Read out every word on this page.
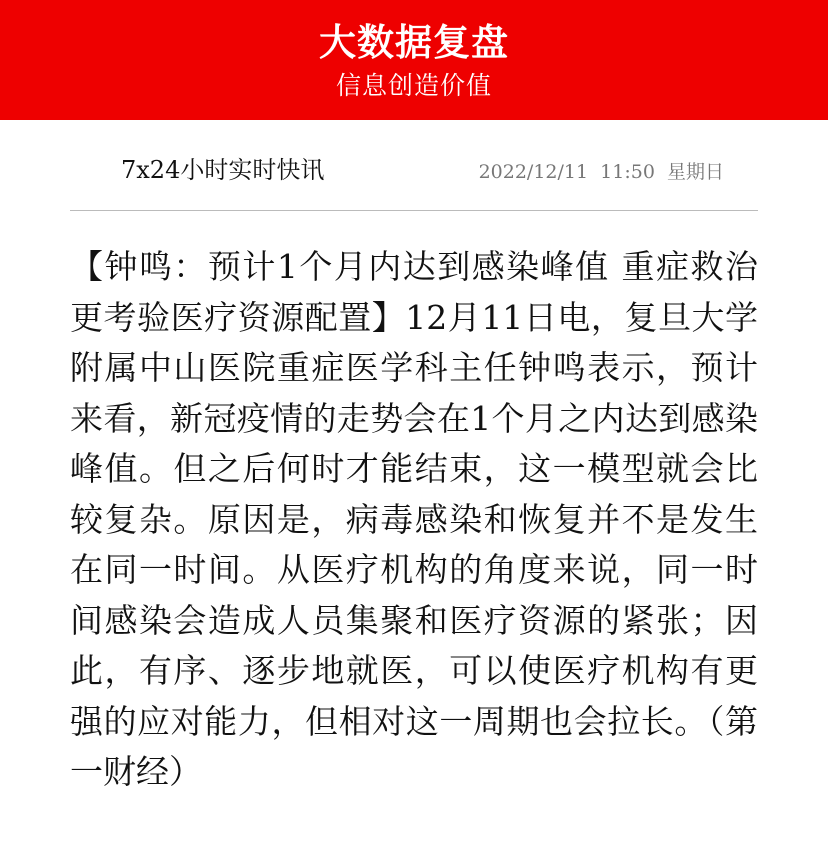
大数据复盘
信息创造价值
7x24小时实时快讯	2022/12/11  11:50  星期日

【钟鸣：预计1个月内达到感染峰值 重症救治更考验医疗资源配置】12月11日电，复旦大学附属中山医院重症医学科主任钟鸣表示，预计来看，新冠疫情的走势会在1个月之内达到感染峰值。但之后何时才能结束，这一模型就会比较复杂。原因是，病毒感染和恢复并不是发生在同一时间。从医疗机构的角度来说，同一时间感染会造成人员集聚和医疗资源的紧张；因此，有序、逐步地就医，可以使医疗机构有更强的应对能力，但相对这一周期也会拉长。（第一财经）
